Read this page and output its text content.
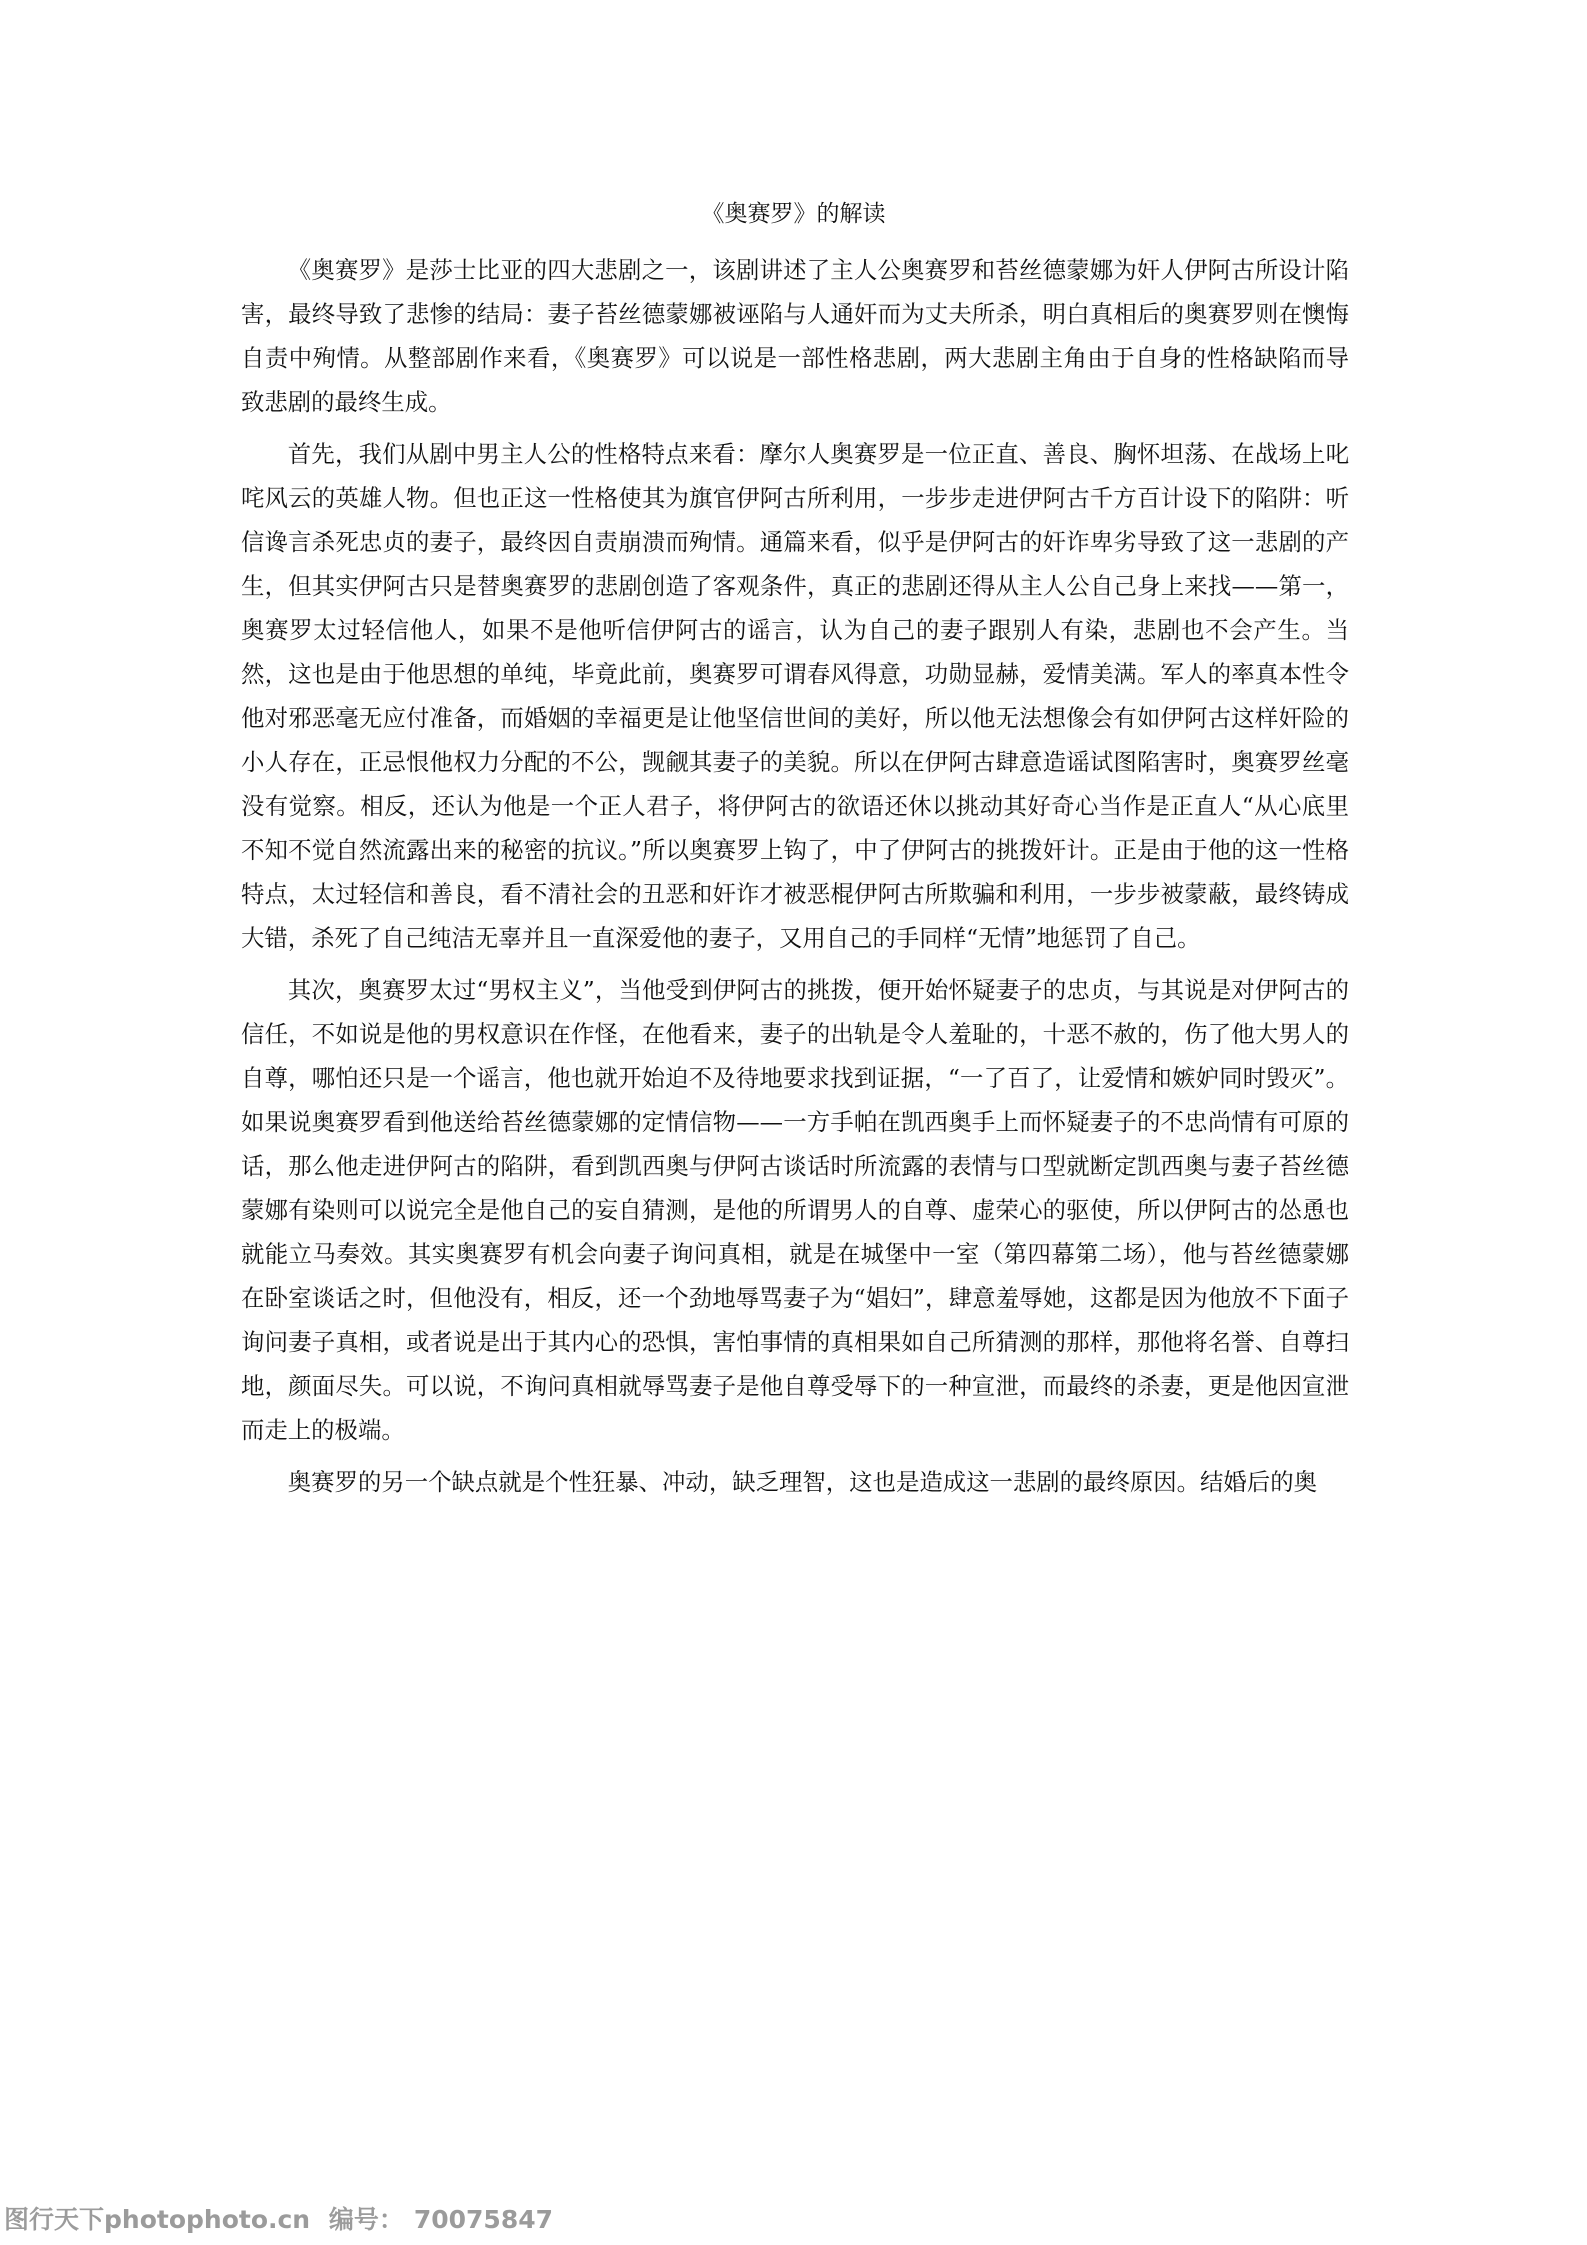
《奥赛罗》的解读

《奥赛罗》是莎士比亚的四大悲剧之一，该剧讲述了主人公奥赛罗和苔丝德蒙娜为奸人伊阿古所设计陷害，最终导致了悲惨的结局：妻子苔丝德蒙娜被诬陷与人通奸而为丈夫所杀，明白真相后的奥赛罗则在懊悔自责中殉情。从整部剧作来看，《奥赛罗》可以说是一部性格悲剧，两大悲剧主角由于自身的性格缺陷而导致悲剧的最终生成。

首先，我们从剧中男主人公的性格特点来看：摩尔人奥赛罗是一位正直、善良、胸怀坦荡、在战场上叱咤风云的英雄人物。但也正这一性格使其为旗官伊阿古所利用，一步步走进伊阿古千方百计设下的陷阱：听信谗言杀死忠贞的妻子，最终因自责崩溃而殉情。通篇来看，似乎是伊阿古的奸诈卑劣导致了这一悲剧的产生，但其实伊阿古只是替奥赛罗的悲剧创造了客观条件，真正的悲剧还得从主人公自己身上来找——第一，奥赛罗太过轻信他人，如果不是他听信伊阿古的谣言，认为自己的妻子跟别人有染，悲剧也不会产生。当然，这也是由于他思想的单纯，毕竟此前，奥赛罗可谓春风得意，功勋显赫，爱情美满。军人的率真本性令他对邪恶毫无应付准备，而婚姻的幸福更是让他坚信世间的美好，所以他无法想像会有如伊阿古这样奸险的小人存在，正忌恨他权力分配的不公，觊觎其妻子的美貌。所以在伊阿古肆意造谣试图陷害时，奥赛罗丝毫没有觉察。相反，还认为他是一个正人君子，将伊阿古的欲语还休以挑动其好奇心当作是正直人“从心底里不知不觉自然流露出来的秘密的抗议。”所以奥赛罗上钩了，中了伊阿古的挑拨奸计。正是由于他的这一性格特点，太过轻信和善良，看不清社会的丑恶和奸诈才被恶棍伊阿古所欺骗和利用，一步步被蒙蔽，最终铸成大错，杀死了自己纯洁无辜并且一直深爱他的妻子，又用自己的手同样“无情”地惩罚了自己。

其次，奥赛罗太过“男权主义”，当他受到伊阿古的挑拨，便开始怀疑妻子的忠贞，与其说是对伊阿古的信任，不如说是他的男权意识在作怪，在他看来，妻子的出轨是令人羞耻的，十恶不赦的，伤了他大男人的自尊，哪怕还只是一个谣言，他也就开始迫不及待地要求找到证据，“一了百了，让爱情和嫉妒同时毁灭”。如果说奥赛罗看到他送给苔丝德蒙娜的定情信物——一方手帕在凯西奥手上而怀疑妻子的不忠尚情有可原的话，那么他走进伊阿古的陷阱，看到凯西奥与伊阿古谈话时所流露的表情与口型就断定凯西奥与妻子苔丝德蒙娜有染则可以说完全是他自己的妄自猜测，是他的所谓男人的自尊、虚荣心的驱使，所以伊阿古的怂恿也就能立马奏效。其实奥赛罗有机会向妻子询问真相，就是在城堡中一室（第四幕第二场），他与苔丝德蒙娜在卧室谈话之时，但他没有，相反，还一个劲地辱骂妻子为“娼妇”，肆意羞辱她，这都是因为他放不下面子询问妻子真相，或者说是出于其内心的恐惧，害怕事情的真相果如自己所猜测的那样，那他将名誉、自尊扫地，颜面尽失。可以说，不询问真相就辱骂妻子是他自尊受辱下的一种宣泄，而最终的杀妻，更是他因宣泄而走上的极端。

奥赛罗的另一个缺点就是个性狂暴、冲动，缺乏理智，这也是造成这一悲剧的最终原因。结婚后的奥

图行天下photophoto.cn 编号： 70075847
